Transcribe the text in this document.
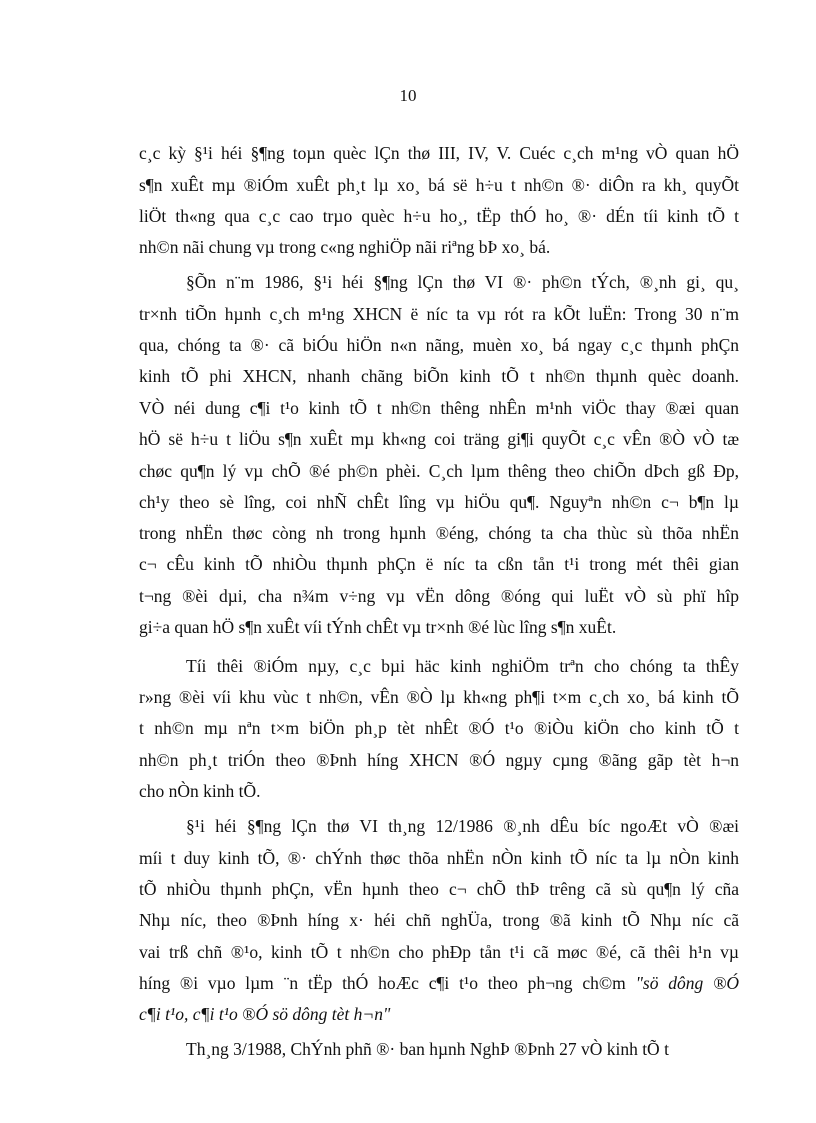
10
c¸c kỳ §¹i héi §¶ng toµn quèc lÇn thø III, IV, V. Cuéc c¸ch m¹ng vÒ quan hÖ
s¶n xuÊt mµ ®iÓm xuÊt ph¸t lµ xo¸ bá së h÷u t nh©n ®· diÔn ra kh¸ quyÕt
liÖt th«ng qua c¸c cao trµo quèc h÷u ho¸, tËp thÓ ho¸ ®· dÉn tíi kinh tÕ t
nh©n nãi chung vµ trong c«ng nghiÖp nãi riªng bÞ xo¸ bá.
§Õn n¨m 1986, §¹i héi §¶ng lÇn thø VI ®· ph©n tÝch, ®¸nh gi¸ qu¸
tr×nh tiÕn hµnh c¸ch m¹ng XHCN ë níc ta vµ rót ra kÕt luËn: Trong 30 n¨m
qua, chóng ta ®· cã biÓu hiÖn n«n nãng, muèn xo¸ bá ngay c¸c thµnh phÇn
kinh tÕ phi XHCN, nhanh chãng biÕn kinh tÕ t nh©n thµnh quèc doanh.
VÒ néi dung c¶i t¹o kinh tÕ t nh©n thêng nhÊn m¹nh viÖc thay ®æi quan
hÖ së h÷u t liÖu s¶n xuÊt mµ kh«ng coi träng gi¶i quyÕt c¸c vÊn ®Ò vÒ tæ
chøc qu¶n lý vµ chÕ ®é ph©n phèi. C¸ch lµm thêng theo chiÕn dÞch gß Ðp,
ch¹y theo sè lîng, coi nhÑ chÊt lîng vµ hiÖu qu¶. Nguyªn nh©n c¬ b¶n lµ
trong nhËn thøc còng nh trong hµnh ®éng, chóng ta cha thùc sù thõa nhËn
c¬ cÊu kinh tÕ nhiÒu thµnh phÇn ë níc ta cßn tån t¹i trong mét thêi gian
t¬ng ®èi dµi, cha n¾m v÷ng vµ vËn dông ®óng qui luËt vÒ sù phï hîp
gi÷a quan hÖ s¶n xuÊt víi tÝnh chÊt vµ tr×nh ®é lùc lîng s¶n xuÊt.
Tíi thêi ®iÓm nµy, c¸c bµi häc kinh nghiÖm trªn cho chóng ta thÊy
r»ng ®èi víi khu vùc t nh©n, vÊn ®Ò lµ kh«ng ph¶i t×m c¸ch xo¸ bá kinh tÕ
t nh©n mµ nªn t×m biÖn ph¸p tèt nhÊt ®Ó t¹o ®iÒu kiÖn cho kinh tÕ t
nh©n ph¸t triÓn theo ®Þnh híng XHCN ®Ó ngµy cµng ®ãng gãp tèt h¬n
cho nÒn kinh tÕ.
§¹i héi §¶ng lÇn thø VI th¸ng 12/1986 ®¸nh dÊu bíc ngoÆt vÒ ®æi
míi t duy kinh tÕ, ®· chÝnh thøc thõa nhËn nÒn kinh tÕ níc ta lµ nÒn kinh
tÕ nhiÒu thµnh phÇn, vËn hµnh theo c¬ chÕ thÞ trêng cã sù qu¶n lý cña
Nhµ níc, theo ®Þnh híng x· héi chñ nghÜa, trong ®ã kinh tÕ Nhµ níc cã
vai trß chñ ®¹o, kinh tÕ t nh©n cho phÐp tån t¹i cã møc ®é, cã thêi h¹n vµ
híng ®i vµo lµm ¨n tËp thÓ hoÆc c¶i t¹o theo ph¬ng ch©m "sö dông ®Ó
c¶i t¹o, c¶i t¹o ®Ó sö dông tèt h¬n"
Th¸ng 3/1988, ChÝnh phñ ®· ban hµnh NghÞ ®Þnh 27 vÒ kinh tÕ t
